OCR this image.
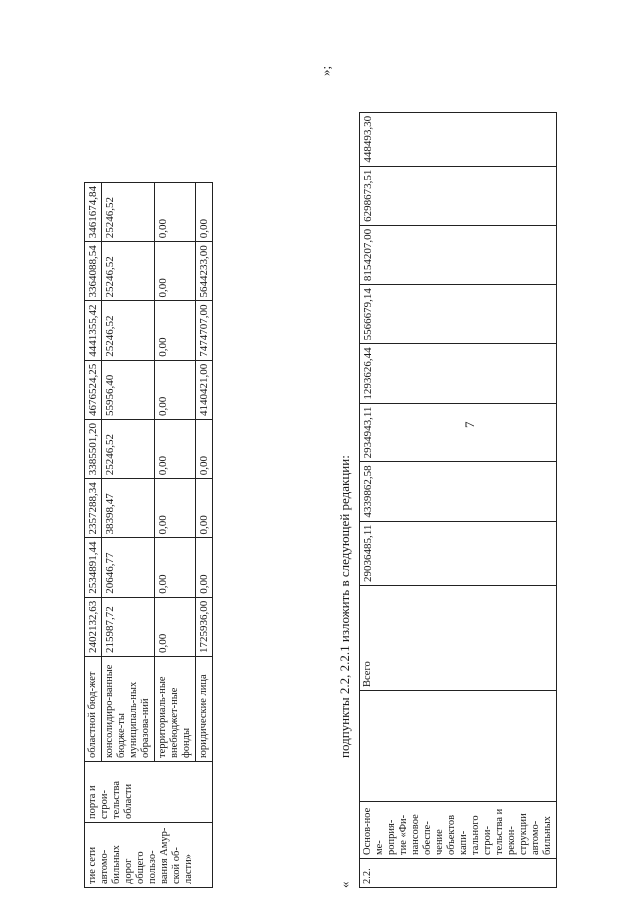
7
тие сети автомо-бильных дорог общего пользо-вания Амур-ской об-ласти»	порта и строи-тельства области	областной бюд-жет	2402132,63	2534891,44	2357288,34	3385501,20	4676524,25	4441355,42	3364088,54	3461674,84
		консолидиро-ванные бюдже-ты муниципаль-ных образова-ний	215987,72	20646,77	38398,47	25246,52	55956,40	25246,52	25246,52	25246,52
		территориаль-ные внебюджет-ные фонды	0,00	0,00	0,00	0,00	0,00	0,00	0,00	0,00
		юридические лица	1725936,00	0,00	0,00	0,00	4140421,00	7474707,00	5644233,00	0,00
»;
«
подпункты 2.2, 2.2.1 изложить в следующей редакции:
2.2.	Основ-ное ме-роприя-тие «Фи-нансовое обеспе-чение объектов капи-тального строи-тельства и рекон-струкции автомо-бильных		Всего	29036485,11	4339862,58	2934943,11	1293626,44	5566679,14	8154207,00	6298673,51	448493,30
